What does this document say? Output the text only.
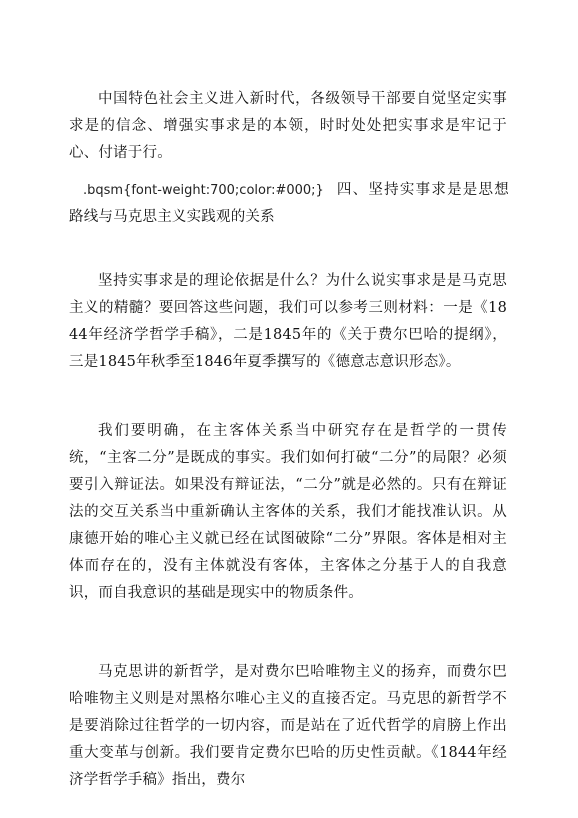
中国特色社会主义进入新时代，各级领导干部要自觉坚定实事求是的信念、增强实事求是的本领，时时处处把实事求是牢记于心、付诸于行。

.bqsm{font-weight:700;color:#000;} 四、坚持实事求是是思想路线与马克思主义实践观的关系

坚持实事求是的理论依据是什么？为什么说实事求是是马克思主义的精髓？要回答这些问题，我们可以参考三则材料：一是《1844年经济学哲学手稿》，二是1845年的《关于费尔巴哈的提纲》，三是1845年秋季至1846年夏季撰写的《德意志意识形态》。

我们要明确，在主客体关系当中研究存在是哲学的一贯传统，“主客二分”是既成的事实。我们如何打破“二分”的局限？必须要引入辩证法。如果没有辩证法，“二分”就是必然的。只有在辩证法的交互关系当中重新确认主客体的关系，我们才能找准认识。从康德开始的唯心主义就已经在试图破除“二分”界限。客体是相对主体而存在的，没有主体就没有客体，主客体之分基于人的自我意识，而自我意识的基础是现实中的物质条件。

马克思讲的新哲学，是对费尔巴哈唯物主义的扬弃，而费尔巴哈唯物主义则是对黑格尔唯心主义的直接否定。马克思的新哲学不是要消除过往哲学的一切内容，而是站在了近代哲学的肩膀上作出重大变革与创新。我们要肯定费尔巴哈的历史性贡献。《1844年经济学哲学手稿》指出，费尔
